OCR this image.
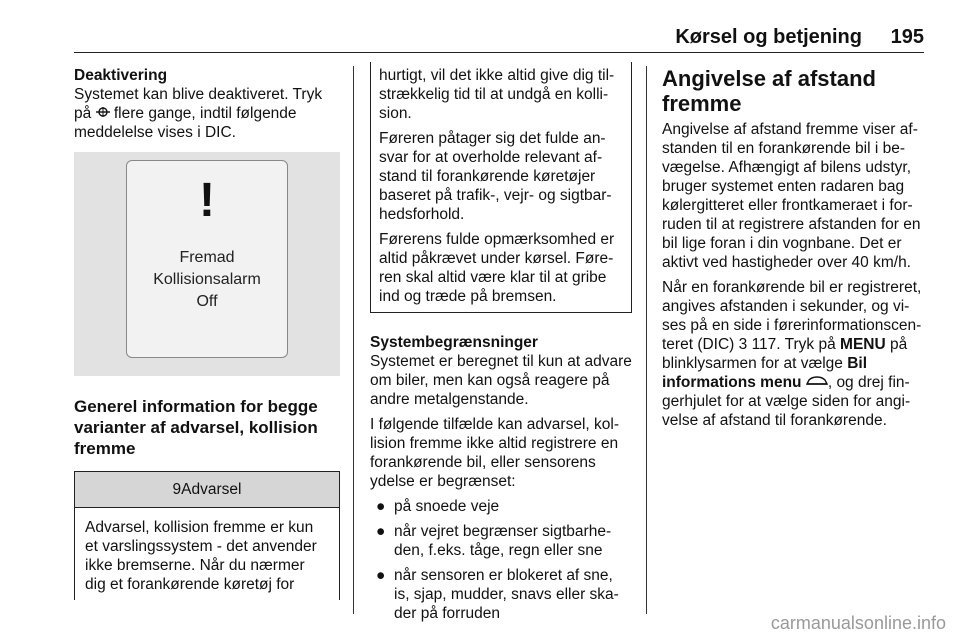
Kørsel og betjening 195
Deaktivering

Systemet kan blive deaktiveret. Tryk på  flere gange, indtil følgende meddelelse vises i DIC.

!
Fremad
Kollisionsalarm
Off
Generel information for begge varianter af advarsel, kollision fremme
9Advarsel
Advarsel, kollision fremme er kun et varslingssystem - det anvender ikke bremserne. Når du nærmer dig et forankørende køretøj for

hurtigt, vil det ikke altid give dig til-strækkelig tid til at undgå en kolli-sion.

Føreren påtager sig det fulde an-svar for at overholde relevant af-stand til forankørende køretøjer baseret på trafik-, vejr- og sigtbar-hedsforhold.

Førerens fulde opmærksomhed er altid påkrævet under kørsel. Føre-ren skal altid være klar til at gribe ind og træde på bremsen.

Systembegrænsninger

Systemet er beregnet til kun at advare om biler, men kan også reagere på andre metalgenstande.

I følgende tilfælde kan advarsel, kol-lision fremme ikke altid registrere en forankørende bil, eller sensorens ydelse er begrænset:

● på snoede veje
● når vejret begrænser sigtbarhe-den, f.eks. tåge, regn eller sne
● når sensoren er blokeret af sne, is, sjap, mudder, snavs eller ska-der på forruden
Angivelse af afstand fremme

Angivelse af afstand fremme viser af-standen til en forankørende bil i be-vægelse. Afhængigt af bilens udstyr, bruger systemet enten radaren bag kølergitteret eller frontkameraet i for-ruden til at registrere afstanden for en bil lige foran i din vognbane. Det er aktivt ved hastigheder over 40 km/h.

Når en forankørende bil er registreret, angives afstanden i sekunder, og vi-ses på en side i førerinformationscen-teret (DIC) 3 117. Tryk på MENU på blinklysarmen for at vælge Bil informations menu , og drej fin-gerhjulet for at vælge siden for angi-velse af afstand til forankørende.

carmanualsonline.info
